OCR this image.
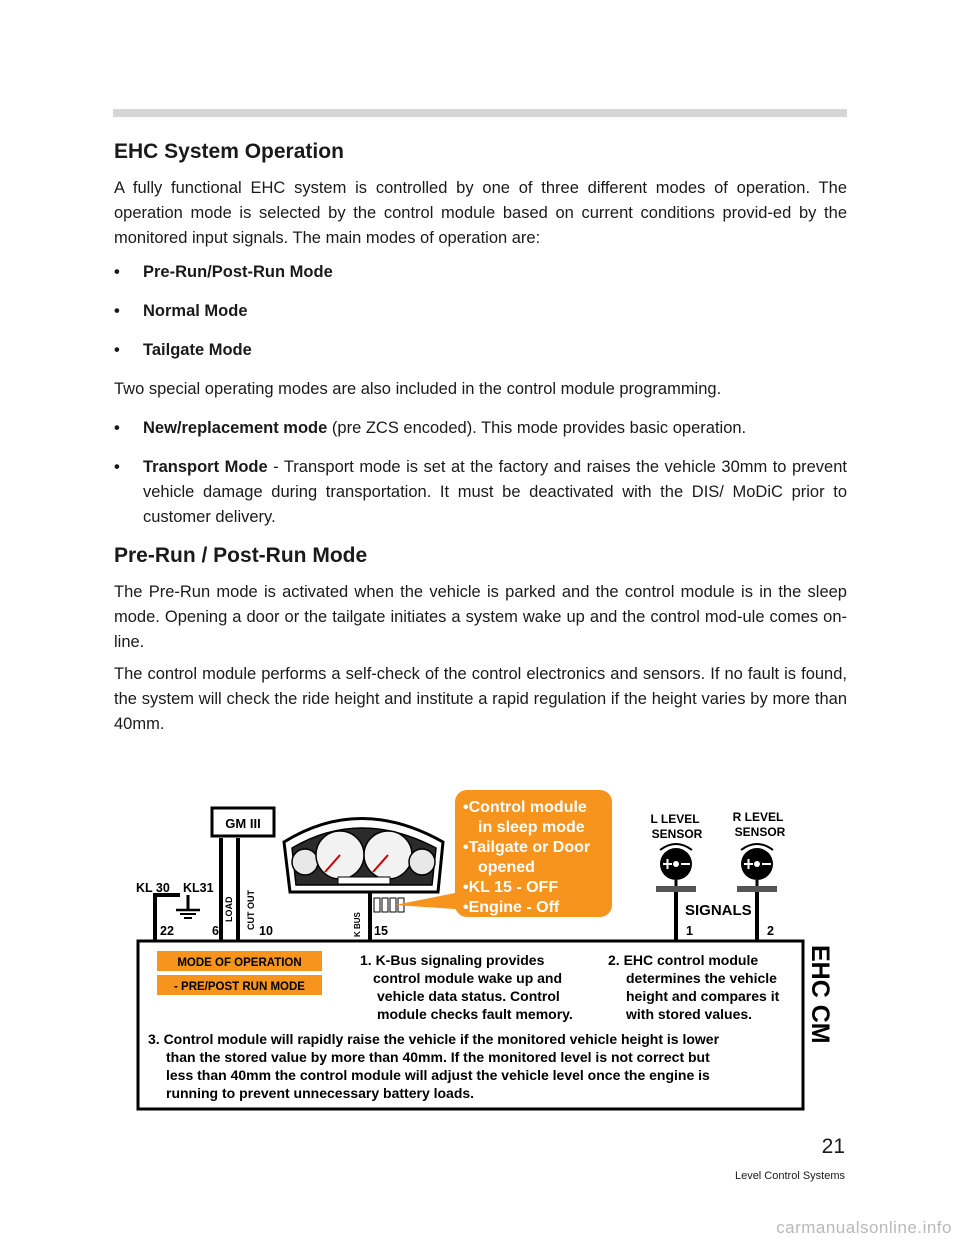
EHC System Operation

A fully functional EHC system is controlled by one of three different modes of operation. The operation mode is selected by the control module based on current conditions provid-ed by the monitored input signals. The main modes of operation are:

•	Pre-Run/Post-Run Mode
•	Normal Mode
•	Tailgate Mode

Two special operating modes are also included in the control module programming.

•	New/replacement mode (pre ZCS encoded). This mode provides basic operation.
•	Transport Mode - Transport mode is set at the factory and raises the vehicle 30mm to prevent vehicle damage during transportation. It must be deactivated with the DIS/ MoDiC prior to customer delivery.
Pre-Run / Post-Run Mode

The Pre-Run mode is activated when the vehicle is parked and the control module is in the sleep mode. Opening a door or the tailgate initiates a system wake up and the control mod-ule comes on-line.

The control module performs a self-check of the control electronics and sensors. If no fault is found, the system will check the ride height and institute a rapid regulation if the height varies by more than 40mm.

GM III
KL 30 KL31
LOAD CUT OUT	K BUS
22	6	10	15
•Control module
in sleep mode
•Tailgate or Door
opened
•KL 15 - OFF
•Engine - Off
L LEVEL
SENSOR
R LEVEL
SENSOR
SIGNALS
1	2
MODE OF OPERATION
- PRE/POST RUN MODE
1. K-Bus signaling provides
control module wake up and
vehicle data status. Control
module checks fault memory.
2. EHC control module
determines the vehicle
height and compares it
with stored values.
3. Control module will rapidly raise the vehicle if the monitored vehicle height is lower
than the stored value by more than 40mm. If the monitored level is not correct but
less than 40mm the control module will adjust the vehicle level once the engine is
running to prevent unnecessary battery loads.
EHC CM
21
Level Control Systems
carmanualsonline.info
